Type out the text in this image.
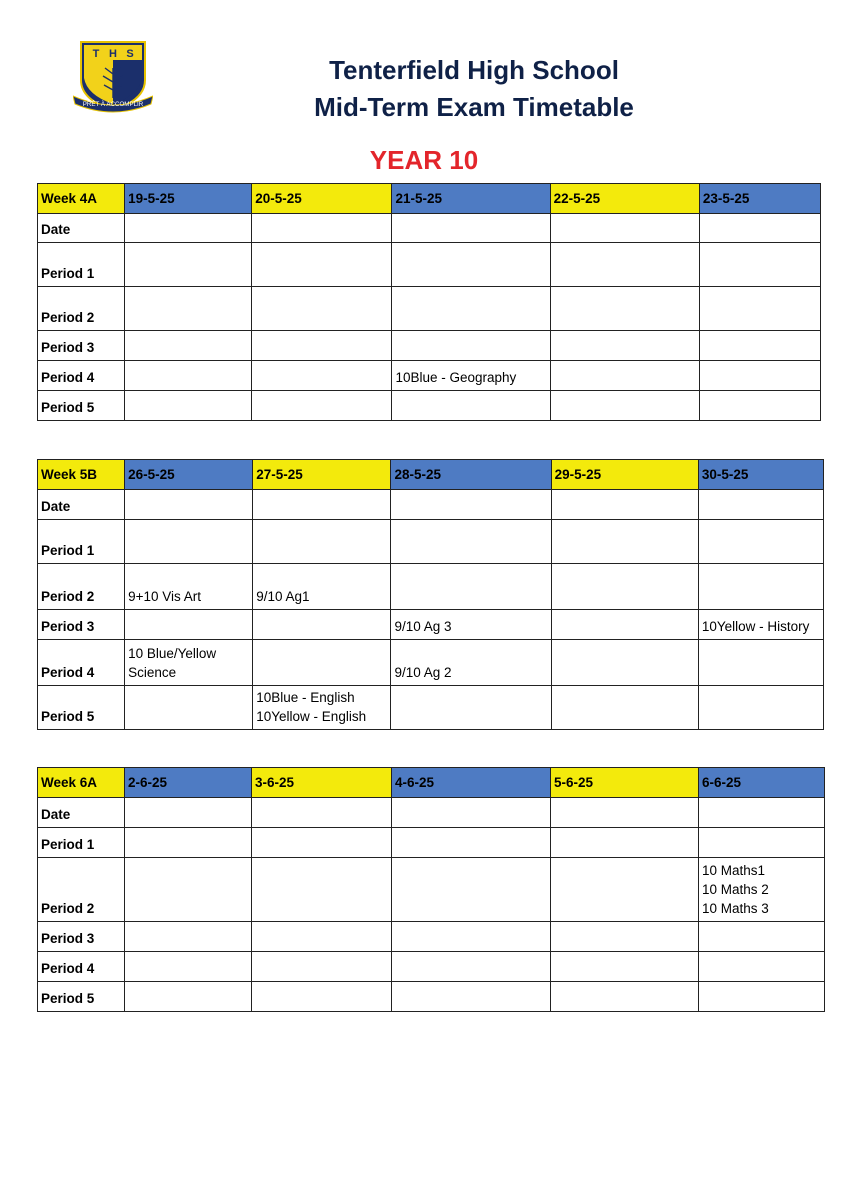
T H S
PRÊT À ACCOMPLIR
Tenterfield High School
Mid-Term Exam Timetable
YEAR 10
Week 4A	19-5-25	20-5-25	21-5-25	22-5-25	23-5-25
Date					
Period 1					
Period 2					
Period 3					
Period 4			10Blue - Geography		

Period 5					
Week 5B	26-5-25	27-5-25	28-5-25	29-5-25	30-5-25
Date					
Period 1					
Period 2	9+10 Vis Art	9/10 Ag1			

Period 3			9/10 Ag 3		10Yellow - History

Period 4	10 Blue/Yellow
Science		9/10 Ag 2		

Period 5		10Blue - English
10Yellow - English			

Week 6A	2-6-25	3-6-25	4-6-25	5-6-25	6-6-25
Date					
Period 1					
Period 2					10 Maths1
10 Maths 2
10 Maths 3

Period 3					
Period 4					
Period 5					
